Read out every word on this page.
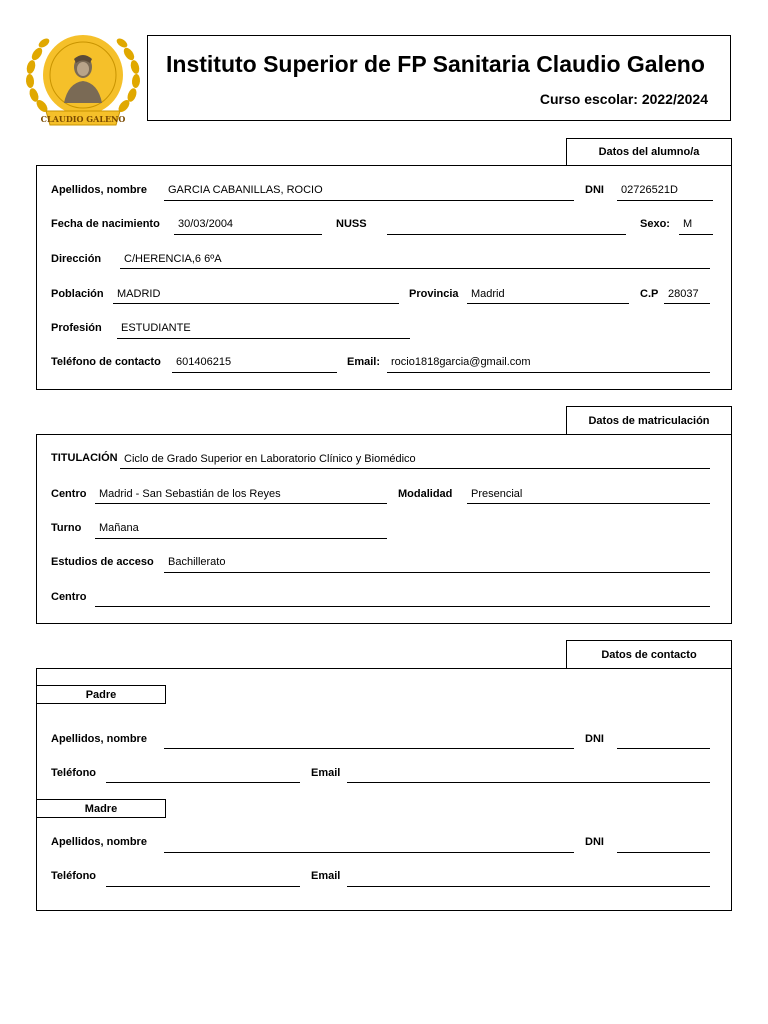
CLAUDIO GALENO
Instituto Superior de FP Sanitaria Claudio Galeno
Curso escolar: 2022/2024
Datos del alumno/a
Apellidos, nombre GARCIA CABANILLAS, ROCIO	DNI 02726521D
Fecha de nacimiento 30/03/2004	NUSS	Sexo: M
Dirección C/HERENCIA,6 6ºA
Población MADRID	Provincia Madrid	C.P 28037
Profesión ESTUDIANTE
Teléfono de contacto 601406215	Email: rocio1818garcia@gmail.com
Datos de matriculación
TITULACIÓN Ciclo de Grado Superior en Laboratorio Clínico y Biomédico
Centro Madrid - San Sebastián de los Reyes	Modalidad Presencial
Turno Mañana
Estudios de acceso Bachillerato
Centro
Datos de contacto
Padre
Apellidos, nombre	DNI
Teléfono	Email
Madre
Apellidos, nombre	DNI
Teléfono	Email
